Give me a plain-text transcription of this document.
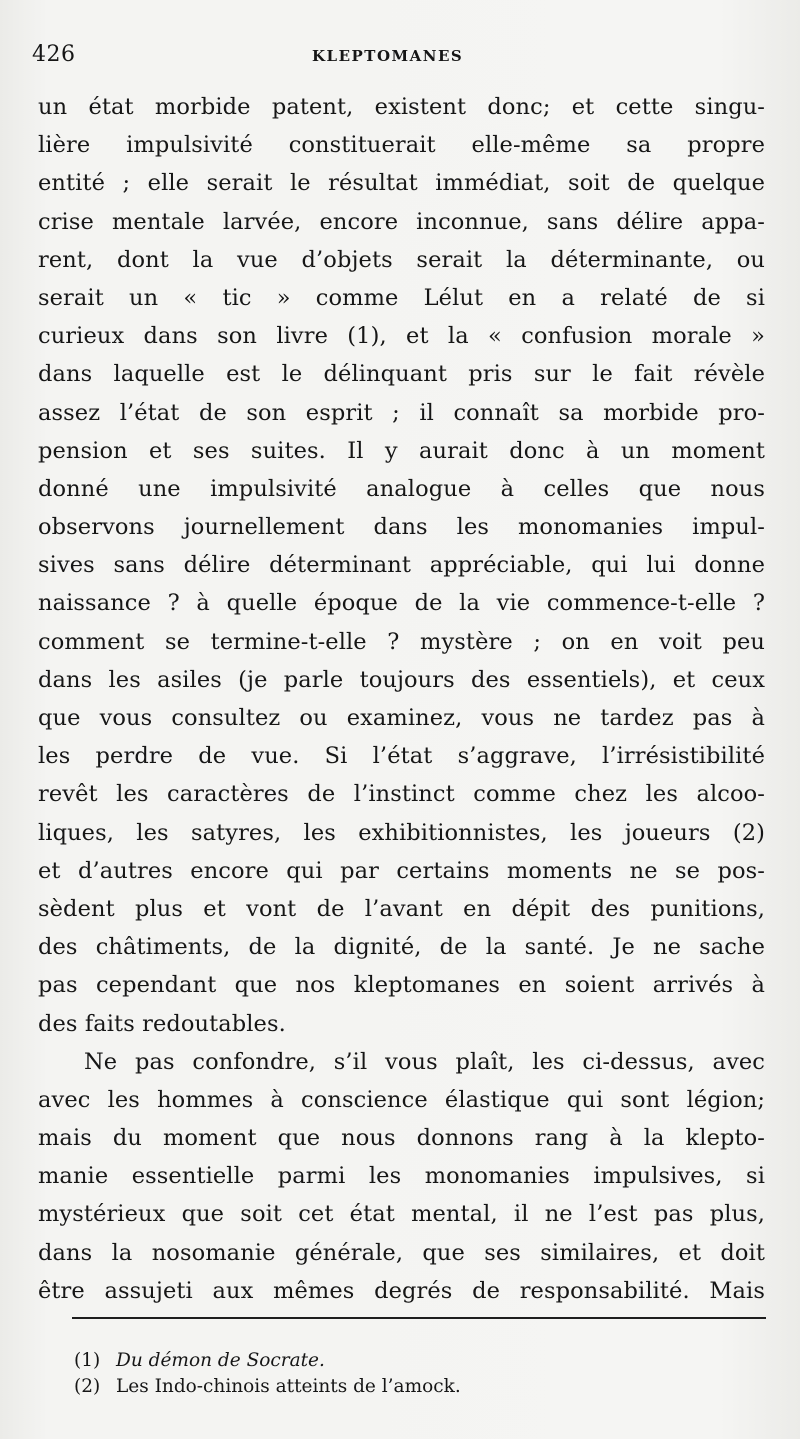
426	KLEPTOMANES
un état morbide patent, existent donc; et cette singu-
lière impulsivité constituerait elle-même sa propre
entité ; elle serait le résultat immédiat, soit de quelque
crise mentale larvée, encore inconnue, sans délire appa-
rent, dont la vue d’objets serait la déterminante, ou
serait un « tic » comme Lélut en a relaté de si
curieux dans son livre (1), et la « confusion morale »
dans laquelle est le délinquant pris sur le fait révèle
assez l’état de son esprit ; il connaît sa morbide pro-
pension et ses suites. Il y aurait donc à un moment
donné une impulsivité analogue à celles que nous
observons journellement dans les monomanies impul-
sives sans délire déterminant appréciable, qui lui donne
naissance ? à quelle époque de la vie commence-t-elle ?
comment se termine-t-elle ? mystère ; on en voit peu
dans les asiles (je parle toujours des essentiels), et ceux
que vous consultez ou examinez, vous ne tardez pas à
les perdre de vue. Si l’état s’aggrave, l’irrésistibilité
revêt les caractères de l’instinct comme chez les alcoo-
liques, les satyres, les exhibitionnistes, les joueurs (2)
et d’autres encore qui par certains moments ne se pos-
sèdent plus et vont de l’avant en dépit des punitions,
des châtiments, de la dignité, de la santé. Je ne sache
pas cependant que nos kleptomanes en soient arrivés à
des faits redoutables.
Ne pas confondre, s’il vous plaît, les ci-dessus, avec
avec les hommes à conscience élastique qui sont légion;
mais du moment que nous donnons rang à la klepto-
manie essentielle parmi les monomanies impulsives, si
mystérieux que soit cet état mental, il ne l’est pas plus,
dans la nosomanie générale, que ses similaires, et doit
être assujeti aux mêmes degrés de responsabilité. Mais
(1) Du démon de Socrate.
(2) Les Indo-chinois atteints de l’amock.
